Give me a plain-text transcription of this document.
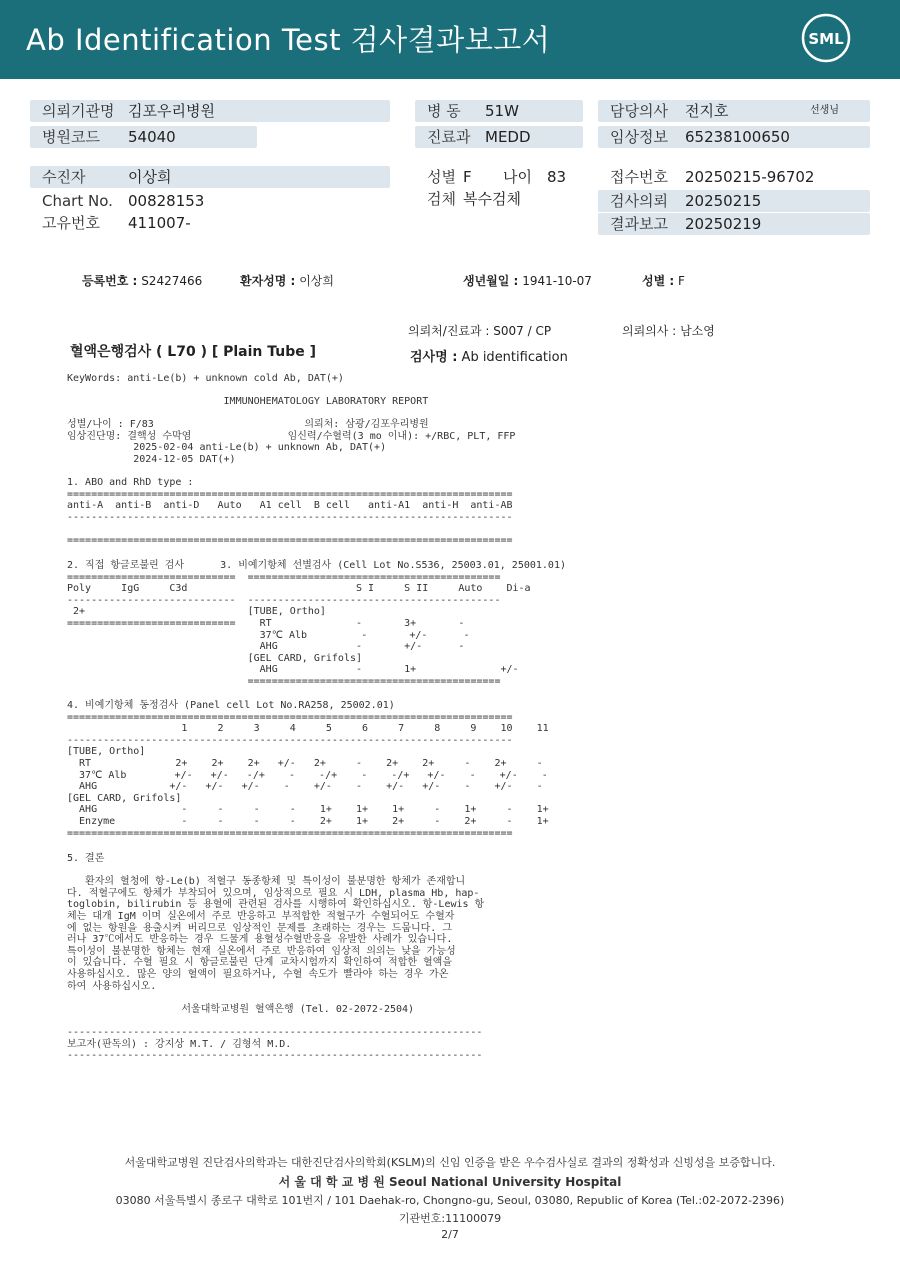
Ab Identification Test 검사결과보고서	SML
의뢰기관명 김포우리병원
병원코드 54040
병 동 51W
진료과 MEDD
담당의사 전지호	선생님
임상정보 65238100650
수진자	이상희
Chart No. 00828153
고유번호 411007-
성별 F 나이 83
검체 복수검체
접수번호 20250215-96702
검사의뢰 20250215
결과보고 20250219
등록번호 : S2427466	환자성명 : 이상희	생년월일 : 1941-10-07	성별 : F
의뢰처/진료과 : S007 / CP	의뢰의사 : 남소영
혈액은행검사 ( L70 ) [ Plain Tube ]	검사명 : Ab identification
KeyWords: anti-Le(b) + unknown cold Ab, DAT(+)
IMMUNOHEMATOLOGY LABORATORY REPORT

성별/나이 : F/83                         의뢰처: 삼광/김포우리병원
임상진단명: 결핵성 수막염                임신력/수혈력(3 mo 이내): +/RBC, PLT, FFP
2025-02-04 anti-Le(b) + unknown Ab, DAT(+)
2024-12-05 DAT(+)

1. ABO and RhD type :
==========================================================================
anti-A  anti-B  anti-D   Auto   A1 cell  B cell   anti-A1  anti-H  anti-AB
--------------------------------------------------------------------------

==========================================================================
2. 직접 항글로불린 검사      3. 비예기항체 선별검사 (Cell Lot No.S536, 25003.01, 25001.01)
============================  ==========================================
Poly     IgG     C3d                            S I     S II     Auto    Di-a
----------------------------  ------------------------------------------
2+                           [TUBE, Ortho]
============================    RT              -       3+       -
37℃ Alb         -       +/-      -
AHG             -       +/-      -
[GEL CARD, Grifols]
AHG             -       1+              +/-
==========================================
4. 비예기항체 동정검사 (Panel cell Lot No.RA258, 25002.01)
==========================================================================
1     2     3     4     5     6     7     8     9    10    11
--------------------------------------------------------------------------
[TUBE, Ortho]
RT              2+    2+    2+   +/-   2+     -    2+    2+     -    2+     -
37℃ Alb        +/-   +/-   -/+    -    -/+    -    -/+   +/-    -    +/-    -
AHG            +/-   +/-   +/-    -    +/-    -    +/-   +/-    -    +/-    -
[GEL CARD, Grifols]
AHG              -     -     -     -    1+    1+    1+     -    1+     -    1+
Enzyme           -     -     -     -    2+    1+    2+     -    2+     -    1+
==========================================================================
5. 결론

환자의 혈청에 항-Le(b) 적혈구 동종항체 및 특이성이 불분명한 항체가 존재합니
다. 적혈구에도 항체가 부착되어 있으며, 임상적으로 필요 시 LDH, plasma Hb, hap-
toglobin, bilirubin 등 용혈에 관련된 검사를 시행하여 확인하십시오. 항-Lewis 항
체는 대개 IgM 이며 실온에서 주로 반응하고 부적합한 적혈구가 수혈되어도 수혈자
에 없는 항원을 용출시켜 버리므로 임상적인 문제를 초래하는 경우는 드뭅니다. 그
러나 37℃에서도 반응하는 경우 드물게 용혈성수혈반응을 유발한 사례가 있습니다.
특이성이 불분명한 항체는 현재 실온에서 주로 반응하여 임상적 의의는 낮을 가능성
이 있습니다. 수혈 필요 시 항글로불린 단계 교차시험까지 확인하여 적합한 혈액을
사용하십시오. 많은 양의 혈액이 필요하거나, 수혈 속도가 빨라야 하는 경우 가온
하여 사용하십시오.

서울대학교병원 혈액은행 (Tel. 02-2072-2504)

---------------------------------------------------------------------
보고자(판독의) : 강지상 M.T. / 김형석 M.D.
---------------------------------------------------------------------
서울대학교병원 진단검사의학과는 대한진단검사의학회(KSLM)의 신임 인증을 받은 우수검사실로 결과의 정확성과 신빙성을 보증합니다.
서 울 대 학 교 병 원 Seoul National University Hospital
03080 서울특별시 종로구 대학로 101번지 / 101 Daehak-ro, Chongno-gu, Seoul, 03080, Republic of Korea (Tel.:02-2072-2396)
기관번호:11100079
2/7
